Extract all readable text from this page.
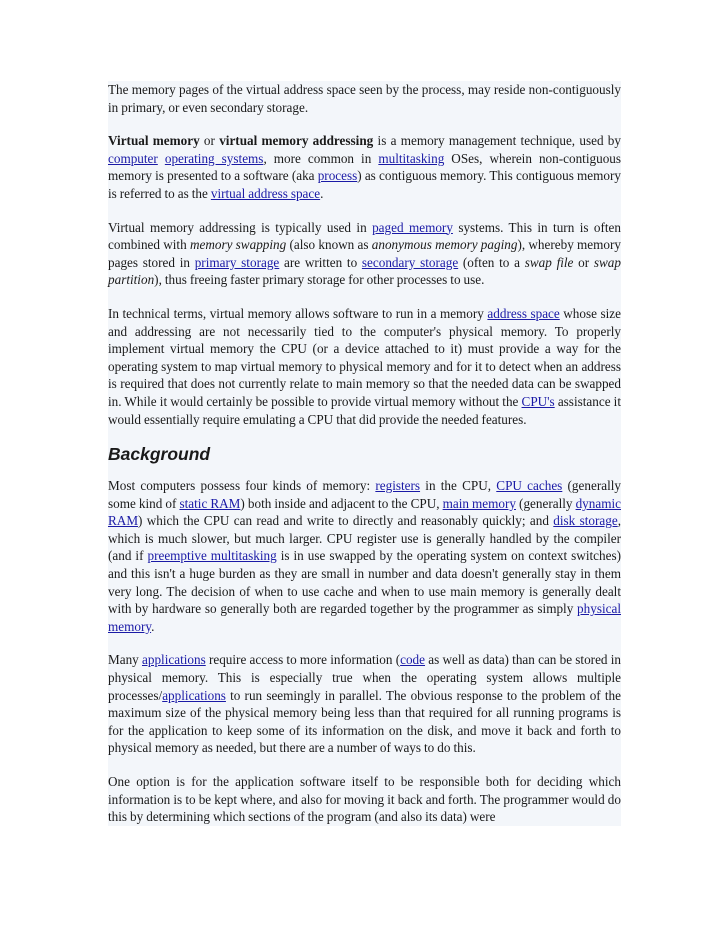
The memory pages of the virtual address space seen by the process, may reside non-contiguously in primary, or even secondary storage.

Virtual memory or virtual memory addressing is a memory management technique, used by computer operating systems, more common in multitasking OSes, wherein non-contiguous memory is presented to a software (aka process) as contiguous memory. This contiguous memory is referred to as the virtual address space.

Virtual memory addressing is typically used in paged memory systems. This in turn is often combined with memory swapping (also known as anonymous memory paging), whereby memory pages stored in primary storage are written to secondary storage (often to a swap file or swap partition), thus freeing faster primary storage for other processes to use.

In technical terms, virtual memory allows software to run in a memory address space whose size and addressing are not necessarily tied to the computer's physical memory. To properly implement virtual memory the CPU (or a device attached to it) must provide a way for the operating system to map virtual memory to physical memory and for it to detect when an address is required that does not currently relate to main memory so that the needed data can be swapped in. While it would certainly be possible to provide virtual memory without the CPU's assistance it would essentially require emulating a CPU that did provide the needed features.

Background

Most computers possess four kinds of memory: registers in the CPU, CPU caches (generally some kind of static RAM) both inside and adjacent to the CPU, main memory (generally dynamic RAM) which the CPU can read and write to directly and reasonably quickly; and disk storage, which is much slower, but much larger. CPU register use is generally handled by the compiler (and if preemptive multitasking is in use swapped by the operating system on context switches) and this isn't a huge burden as they are small in number and data doesn't generally stay in them very long. The decision of when to use cache and when to use main memory is generally dealt with by hardware so generally both are regarded together by the programmer as simply physical memory.

Many applications require access to more information (code as well as data) than can be stored in physical memory. This is especially true when the operating system allows multiple processes/applications to run seemingly in parallel. The obvious response to the problem of the maximum size of the physical memory being less than that required for all running programs is for the application to keep some of its information on the disk, and move it back and forth to physical memory as needed, but there are a number of ways to do this.

One option is for the application software itself to be responsible both for deciding which information is to be kept where, and also for moving it back and forth. The programmer would do this by determining which sections of the program (and also its data) were
